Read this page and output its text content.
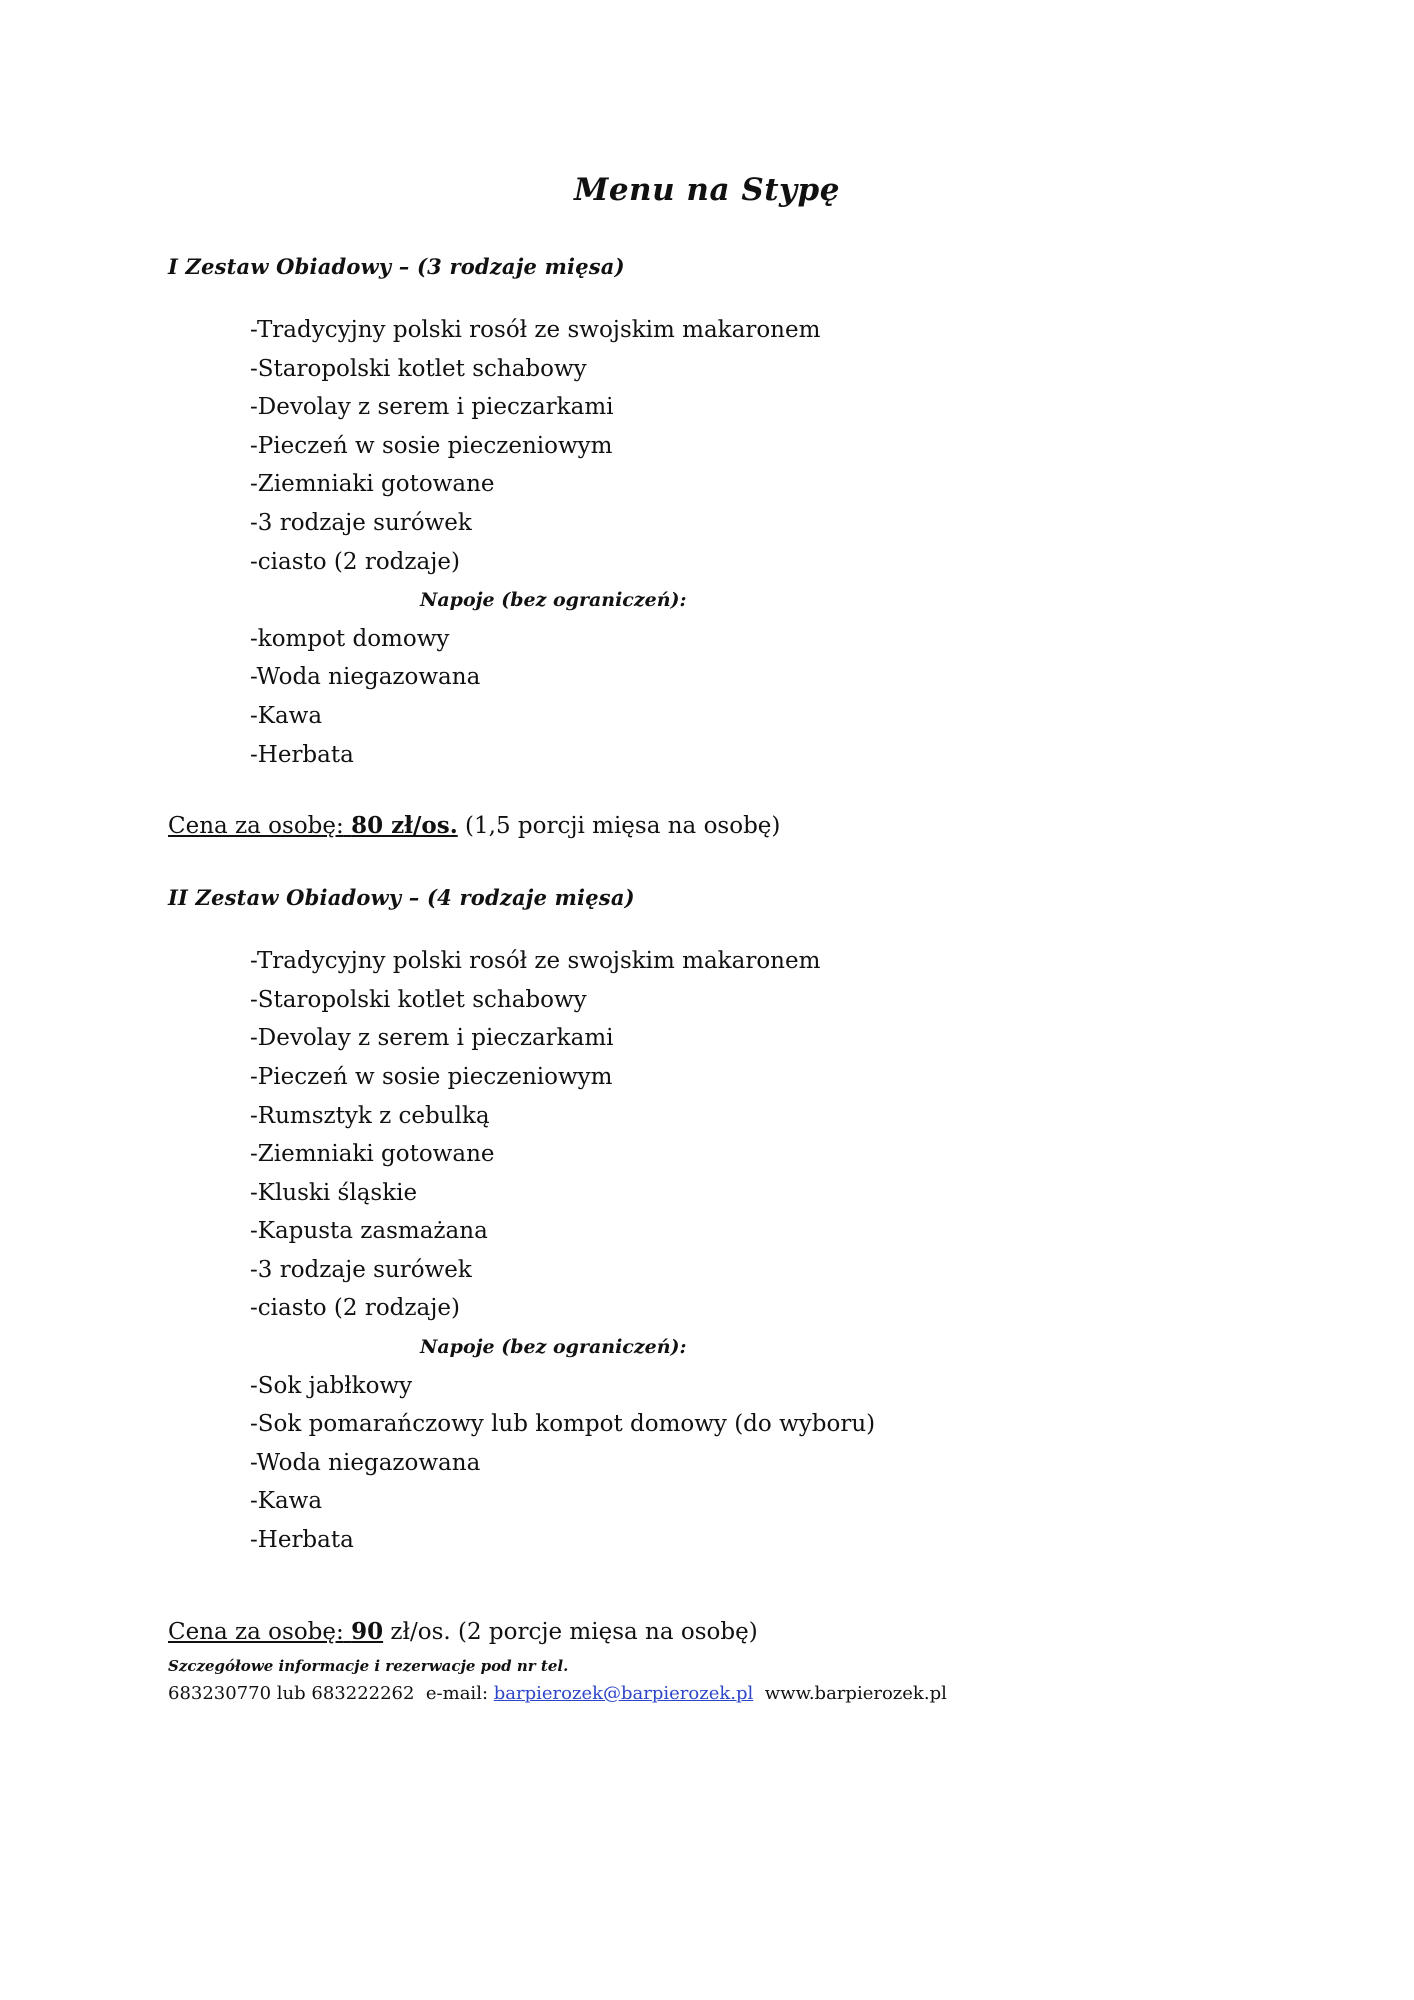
Menu na Stypę
I Zestaw Obiadowy – (3 rodzaje mięsa)
-Tradycyjny polski rosół ze swojskim makaronem
-Staropolski kotlet schabowy
-Devolay z serem i pieczarkami
-Pieczeń w sosie pieczeniowym
-Ziemniaki gotowane
-3 rodzaje surówek
-ciasto (2 rodzaje)
Napoje (bez ograniczeń):
-kompot domowy
-Woda niegazowana
-Kawa
-Herbata
Cena za osobę: 80 zł/os. (1,5 porcji mięsa na osobę)
II Zestaw Obiadowy – (4 rodzaje mięsa)
-Tradycyjny polski rosół ze swojskim makaronem
-Staropolski kotlet schabowy
-Devolay z serem i pieczarkami
-Pieczeń w sosie pieczeniowym
-Rumsztyk z cebulką
-Ziemniaki gotowane
-Kluski śląskie
-Kapusta zasmażana
-3 rodzaje surówek
-ciasto (2 rodzaje)
Napoje (bez ograniczeń):
-Sok jabłkowy
-Sok pomarańczowy lub kompot domowy (do wyboru)
-Woda niegazowana
-Kawa
-Herbata
Cena za osobę: 90 zł/os. (2 porcje mięsa na osobę)
Szczegółowe informacje i rezerwacje pod nr tel.
683230770 lub 683222262  e-mail: barpierozek@barpierozek.pl www.barpierozek.pl
